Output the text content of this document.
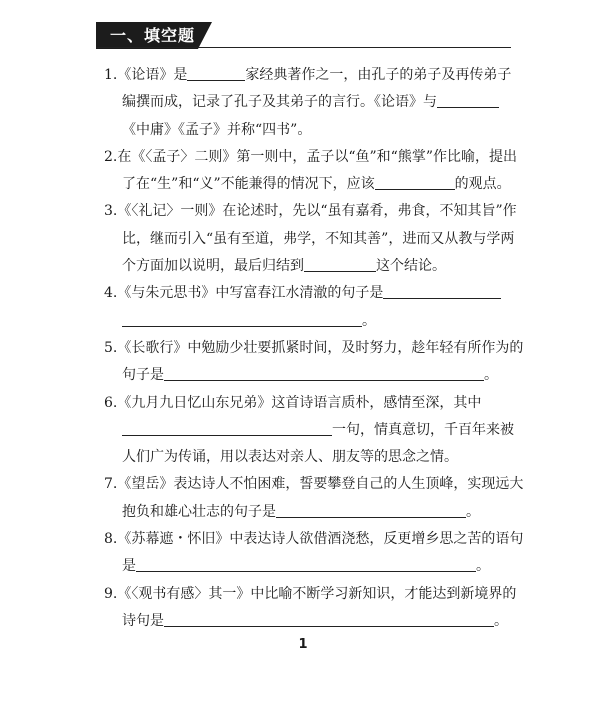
一、填空题

1.《论语》是	家经典著作之一，由孔子的弟子及再传弟子编撰而成，记录了孔子及其弟子的言行。《论语》与《中庸》《孟子》并称“四书”。

2.在《〈孟子〉二则》第一则中，孟子以“鱼”和“熊掌”作比喻，提出了在“生”和“义”不能兼得的情况下，应该	的观点。

3.《〈礼记〉一则》在论述时，先以“虽有嘉肴，弗食，不知其旨”作比，继而引入“虽有至道，弗学，不知其善”，进而又从教与学两个方面加以说明，最后归结到	这个结论。

4.《与朱元思书》中写富春江水清澈的句子是。

5.《长歌行》中勉励少壮要抓紧时间，及时努力，趁年轻有所作为的句子是	。

6.《九月九日忆山东兄弟》这首诗语言质朴，感情至深，其中一句，情真意切，千百年来被人们广为传诵，用以表达对亲人、朋友等的思念之情。

7.《望岳》表达诗人不怕困难，誓要攀登自己的人生顶峰，实现远大抱负和雄心壮志的句子是	。

8.《苏幕遮・怀旧》中表达诗人欲借酒浇愁，反更增乡思之苦的语句是	。

9.《〈观书有感〉其一》中比喻不断学习新知识，才能达到新境界的诗句是	。

1
